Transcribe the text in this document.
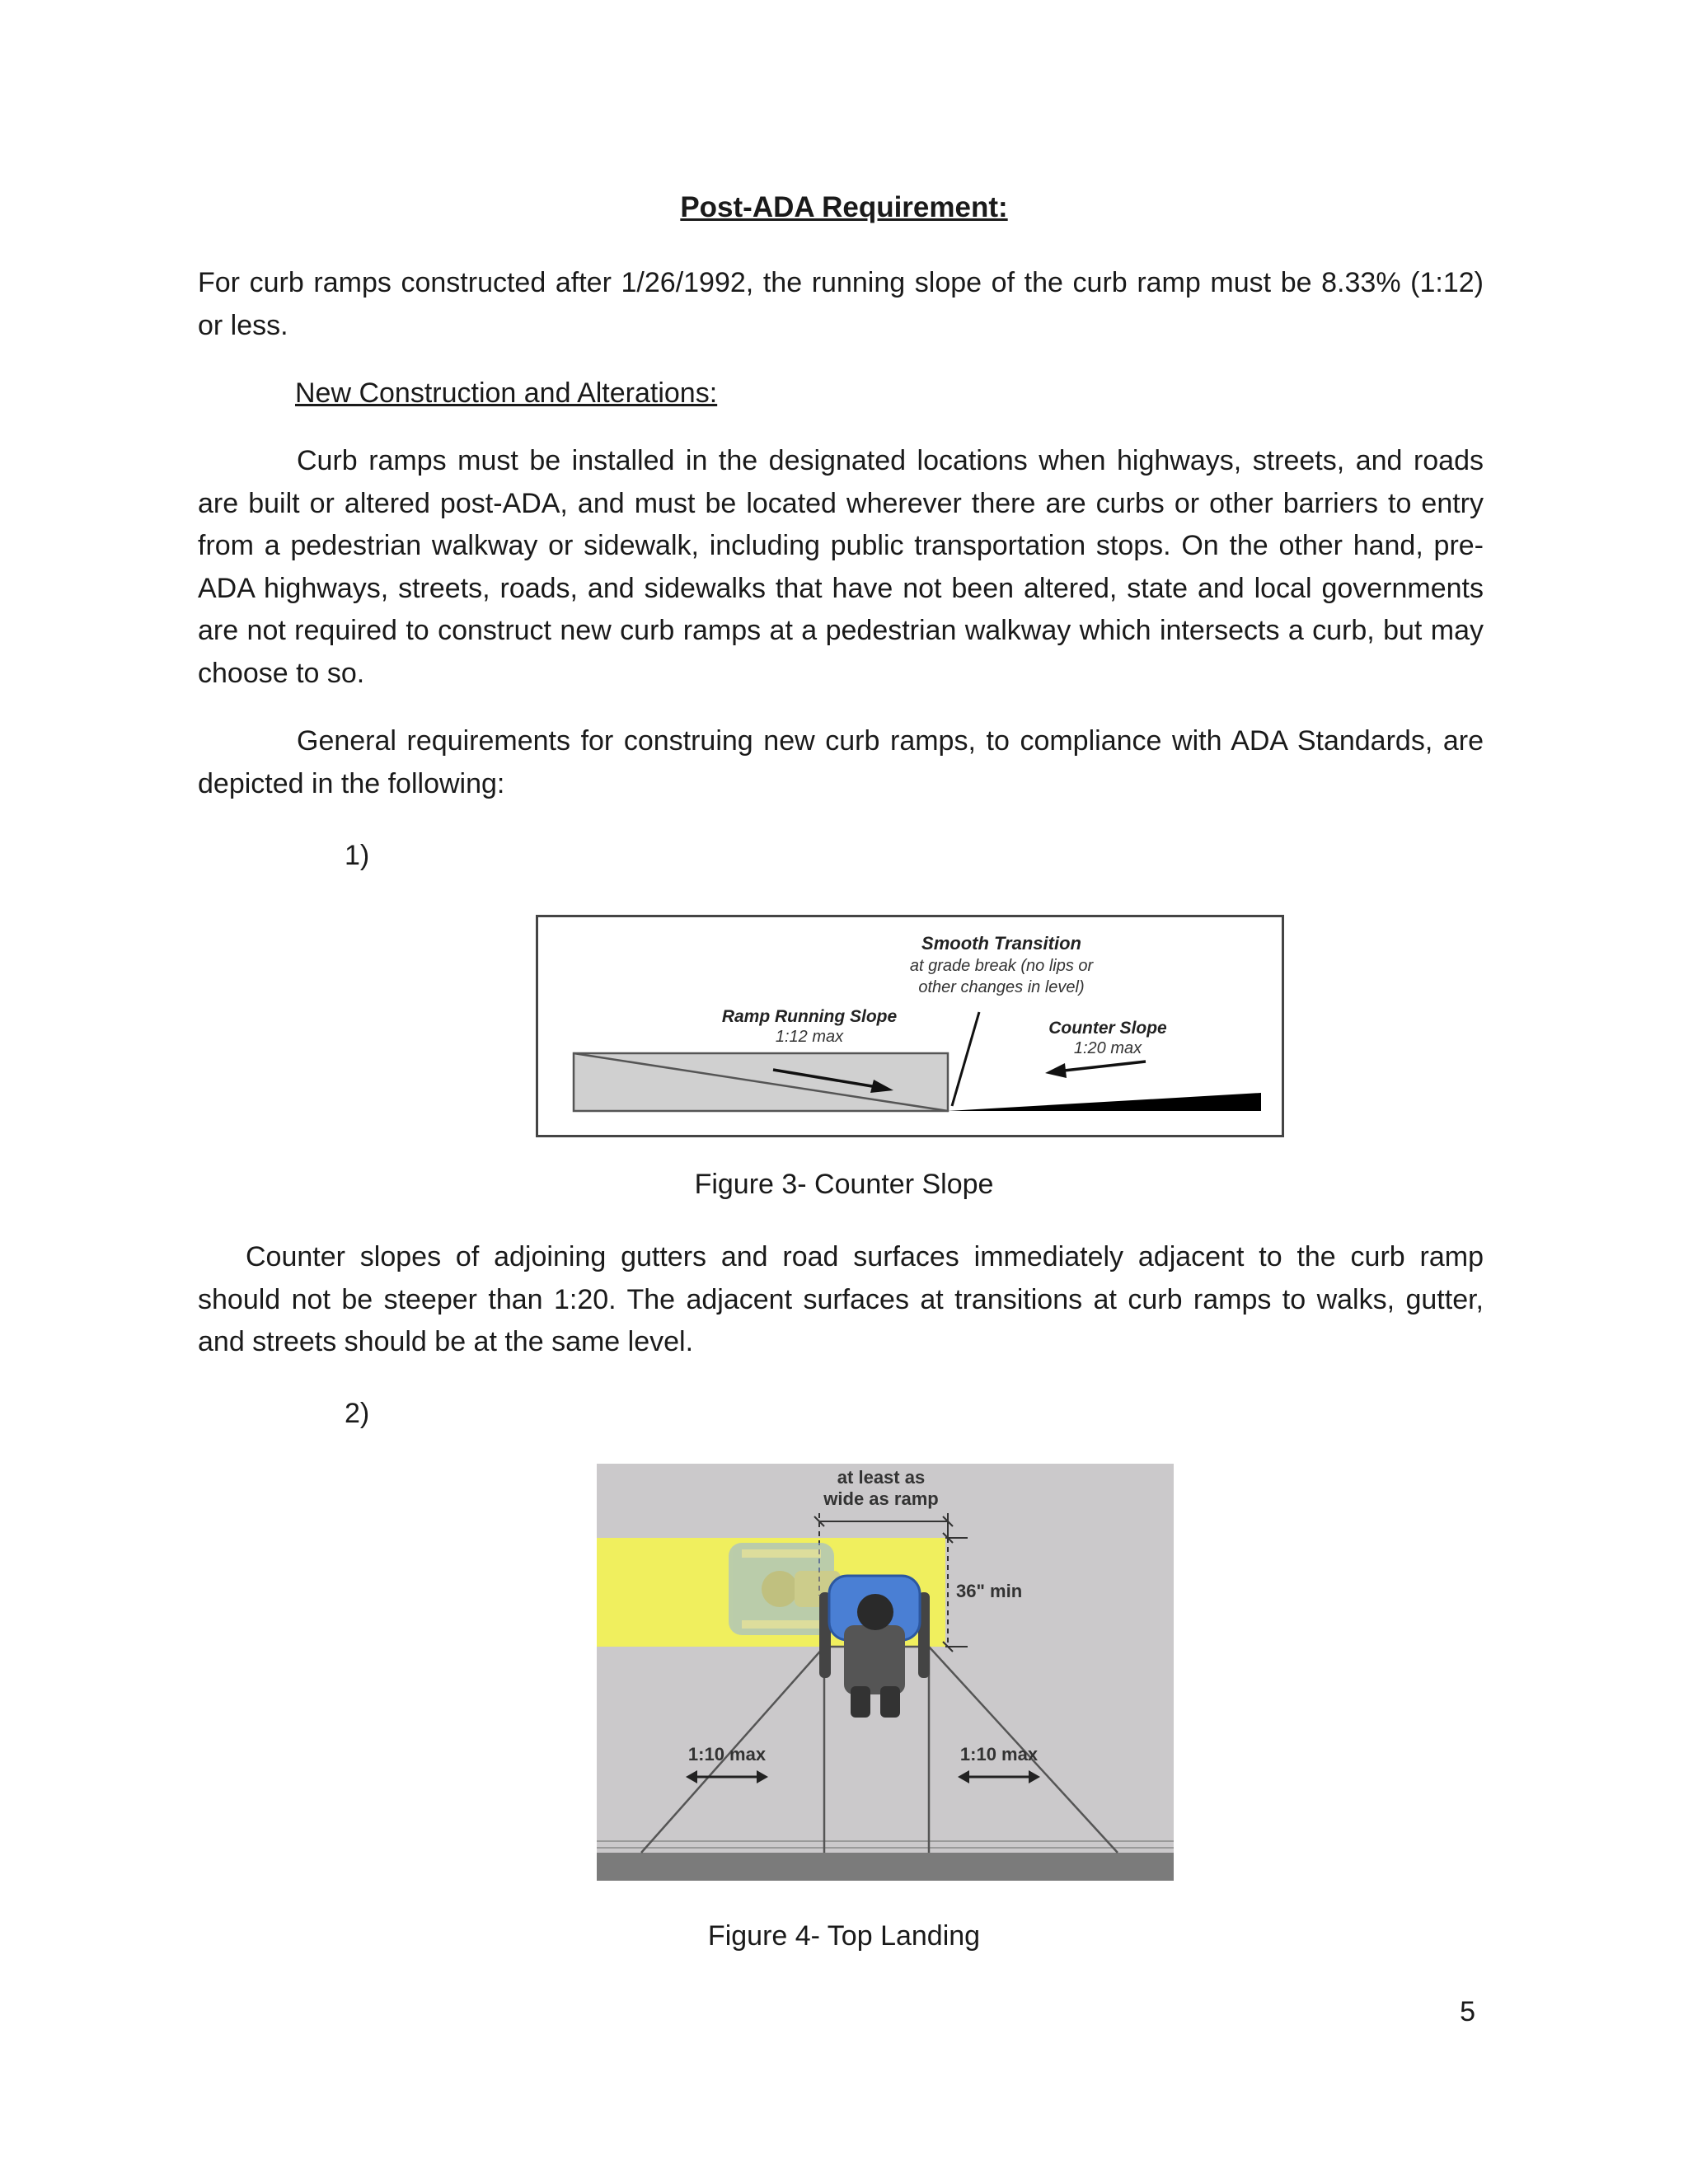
Post-ADA Requirement:
For curb ramps constructed after 1/26/1992, the running slope of the curb ramp must be 8.33% (1:12) or less.
New Construction and Alterations:
Curb ramps must be installed in the designated locations when highways, streets, and roads are built or altered post-ADA, and must be located wherever there are curbs or other barriers to entry from a pedestrian walkway or sidewalk, including public transportation stops. On the other hand, pre-ADA highways, streets, roads, and sidewalks that have not been altered, state and local governments are not required to construct new curb ramps at a pedestrian walkway which intersects a curb, but may choose to so.
General requirements for construing new curb ramps, to compliance with ADA Standards, are depicted in the following:
1)
Smooth Transition
at grade break (no lips or
other changes in level)
Ramp Running Slope
1:12 max	Counter Slope
1:20 max
Figure 3- Counter Slope
Counter slopes of adjoining gutters and road surfaces immediately adjacent to the curb ramp should not be steeper than 1:20. The adjacent surfaces at transitions at curb ramps to walks, gutter, and streets should be at the same level.
2)
at least as
wide as ramp
36" min
1:10 max	1:10 max
Figure 4- Top Landing
5
